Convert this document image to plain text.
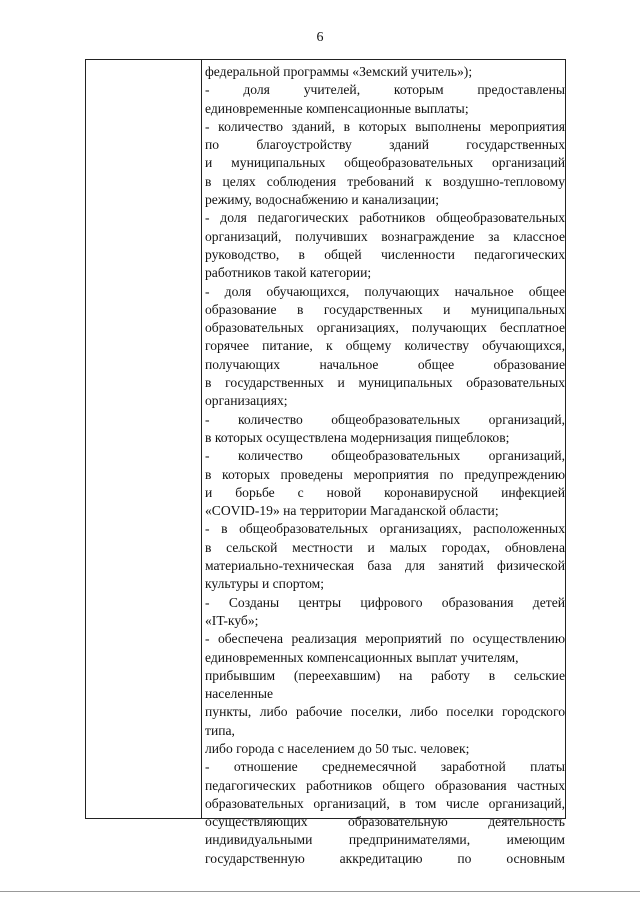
6
федеральной программы «Земский учитель»);
- доля учителей, которым предоставлены
единовременные компенсационные выплаты;
- количество зданий, в которых выполнены мероприятия
по благоустройству зданий государственных
и муниципальных общеобразовательных организаций
в целях соблюдения требований к воздушно-тепловому
режиму, водоснабжению и канализации;
- доля педагогических работников общеобразовательных
организаций, получивших вознаграждение за классное
руководство, в общей численности педагогических
работников такой категории;
- доля обучающихся, получающих начальное общее
образование в государственных и муниципальных
образовательных организациях, получающих бесплатное
горячее питание, к общему количеству обучающихся,
получающих начальное общее образование
в государственных и муниципальных образовательных
организациях;
- количество общеобразовательных организаций,
в которых осуществлена модернизация пищеблоков;
- количество общеобразовательных организаций,
в которых проведены мероприятия по предупреждению
и борьбе с новой коронавирусной инфекцией
«COVID-19» на территории Магаданской области;
- в общеобразовательных организациях, расположенных
в сельской местности и малых городах, обновлена
материально-техническая база для занятий физической
культуры и спортом;
- Созданы центры цифрового образования детей
«IT-куб»;
- обеспечена реализация мероприятий по осуществлению
единовременных компенсационных выплат учителям,
прибывшим (переехавшим) на работу в сельские
населенные
пункты, либо рабочие поселки, либо поселки городского
типа,
либо города с населением до 50 тыс. человек;
- отношение среднемесячной заработной платы
педагогических работников общего образования частных
образовательных организаций, в том числе организаций,
осуществляющих образовательную деятельность
индивидуальными предпринимателями, имеющим
государственную аккредитацию по основным
